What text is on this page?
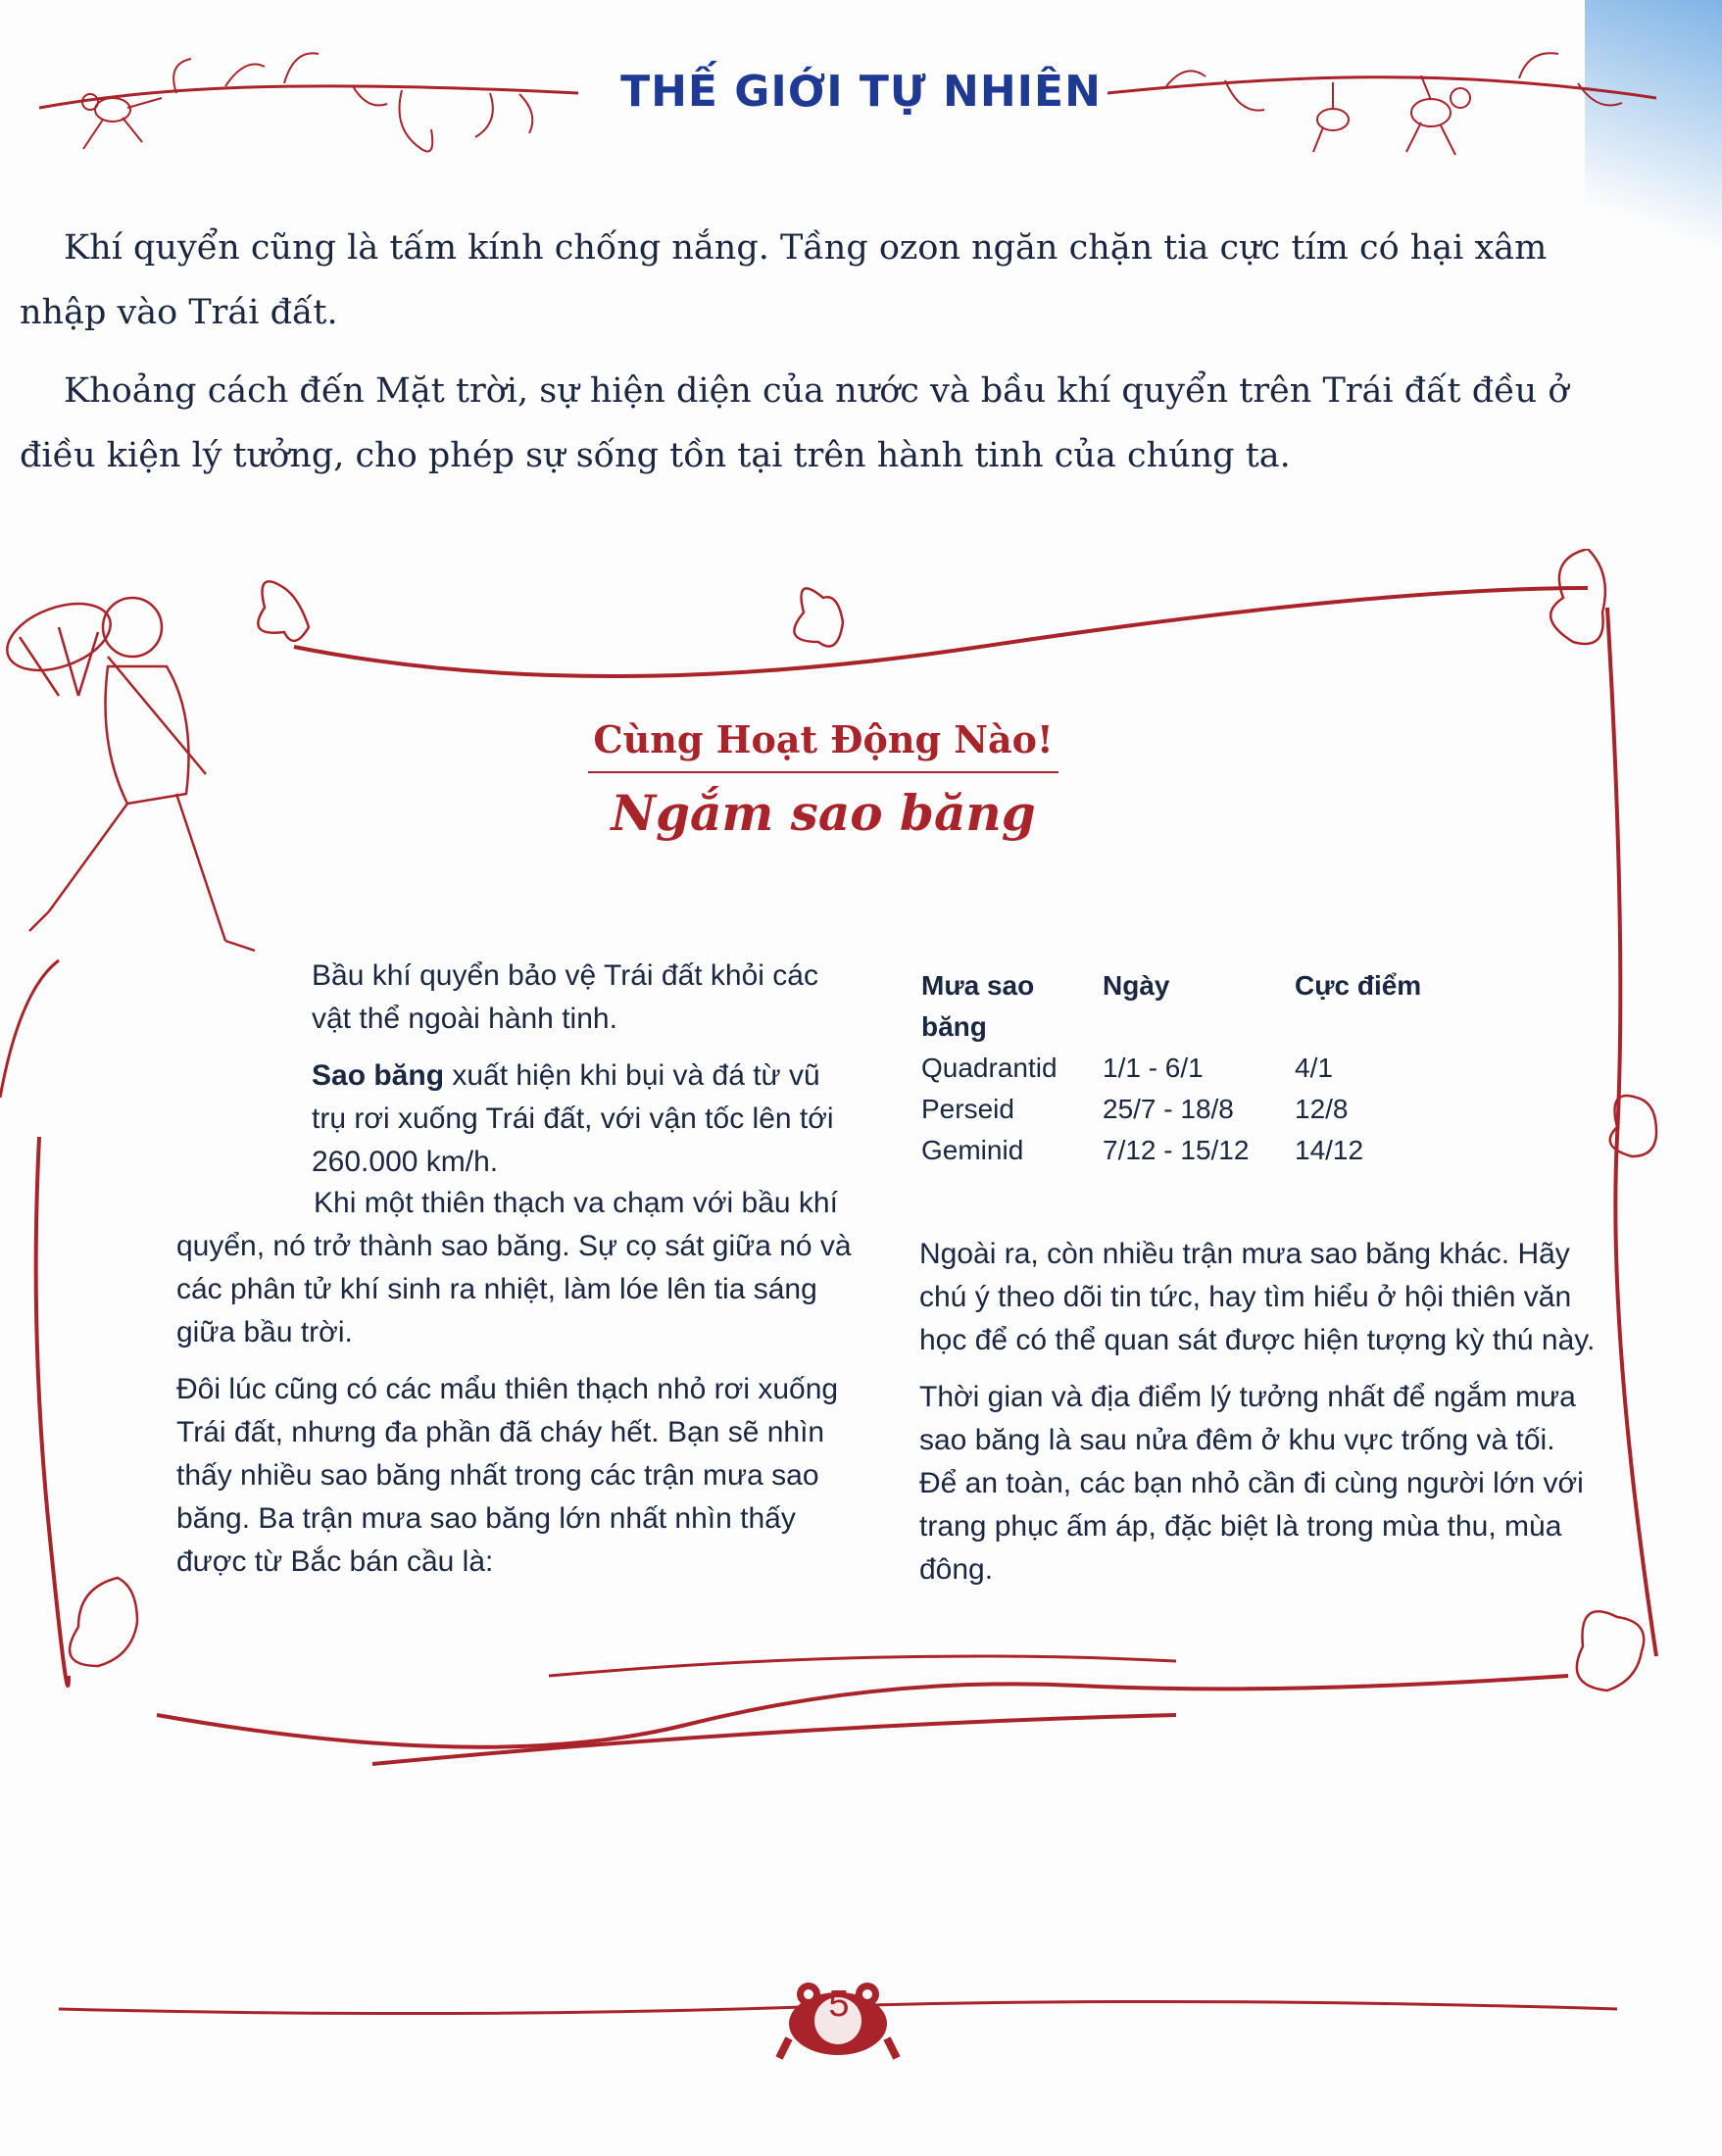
THẾ GIỚI TỰ NHIÊN

Khí quyển cũng là tấm kính chống nắng. Tầng ozon ngăn chặn tia cực tím có hại xâm nhập vào Trái đất.

Khoảng cách đến Mặt trời, sự hiện diện của nước và bầu khí quyển trên Trái đất đều ở điều kiện lý tưởng, cho phép sự sống tồn tại trên hành tinh của chúng ta.

Cùng Hoạt Động Nào!
Ngắm sao băng

Bầu khí quyển bảo vệ Trái đất khỏi các vật thể ngoài hành tinh.

Sao băng xuất hiện khi bụi và đá từ vũ trụ rơi xuống Trái đất, với vận tốc lên tới 260.000 km/h.

Mưa sao	Ngày	Cực điểm
băng
Quadrantid	1/1 - 6/1	4/1
Perseid	25/7 - 18/8	12/8
Geminid	7/12 - 15/12	14/12

Khi một thiên thạch va chạm với bầu khí quyển, nó trở thành sao băng. Sự cọ sát giữa nó và các phân tử khí sinh ra nhiệt, làm lóe lên tia sáng giữa bầu trời.

Đôi lúc cũng có các mẩu thiên thạch nhỏ rơi xuống Trái đất, nhưng đa phần đã cháy hết. Bạn sẽ nhìn thấy nhiều sao băng nhất trong các trận mưa sao băng. Ba trận mưa sao băng lớn nhất nhìn thấy được từ Bắc bán cầu là:

Ngoài ra, còn nhiều trận mưa sao băng khác. Hãy chú ý theo dõi tin tức, hay tìm hiểu ở hội thiên văn học để có thể quan sát được hiện tượng kỳ thú này.

Thời gian và địa điểm lý tưởng nhất để ngắm mưa sao băng là sau nửa đêm ở khu vực trống và tối. Để an toàn, các bạn nhỏ cần đi cùng người lớn với trang phục ấm áp, đặc biệt là trong mùa thu, mùa đông.

5
